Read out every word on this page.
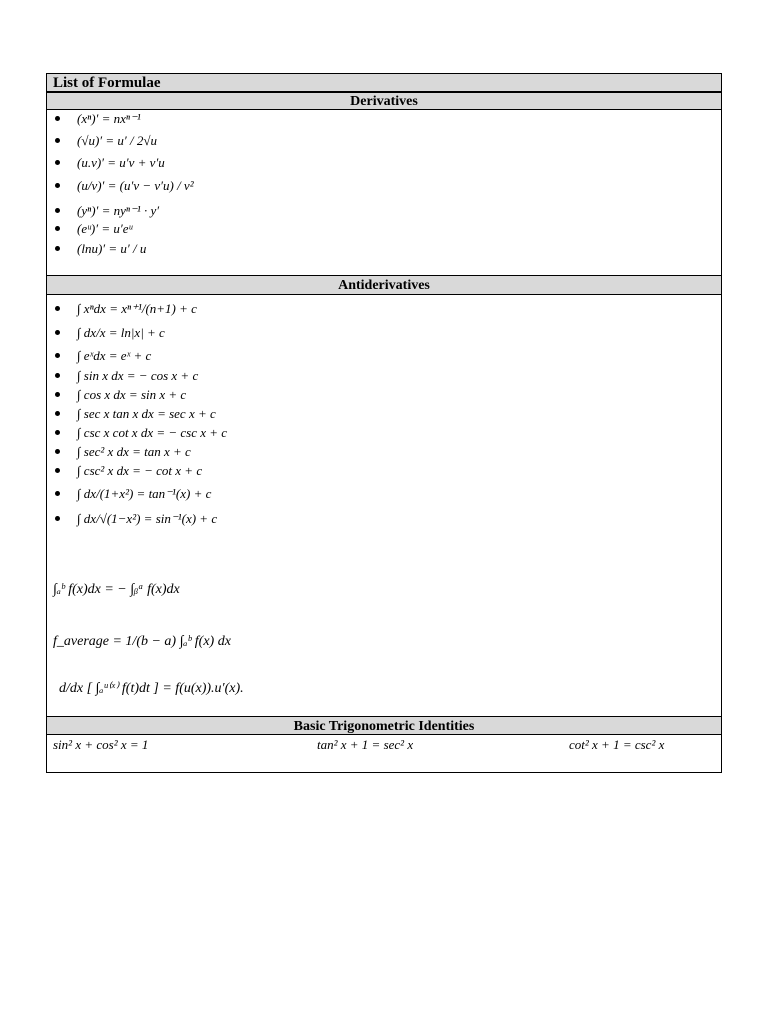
List of Formulae
Derivatives
(xⁿ)′ = nxⁿ⁻¹
(√u)′ = u′ / 2√u
(u.v)′ = u′v + v′u
(u/v)′ = (u′v − v′u) / v²
(yⁿ)′ = nyⁿ⁻¹ · y′
(eᵘ)′ = u′eᵘ
(lnu)′ = u′ / u
Antiderivatives
∫ xⁿdx = xⁿ⁺¹/(n+1) + c
∫ dx/x = ln|x| + c
∫ eˣdx = eˣ + c
∫ sin x dx = − cos x + c
∫ cos x dx = sin x + c
∫ sec x tan x dx = sec x + c
∫ csc x cot x dx = − csc x + c
∫ sec² x dx = tan x + c
∫ csc² x dx = − cot x + c
∫ dx/(1+x²) = tan⁻¹(x) + c
∫ dx/√(1−x²) = sin⁻¹(x) + c
∫ₐᵇ f(x)dx = − ∫ᵦᵃ f(x)dx
f_average = 1/(b − a) ∫ₐᵇ f(x) dx
d/dx [ ∫ₐᵘ⁽ˣ⁾ f(t)dt ] = f(u(x)).u′(x).
Basic Trigonometric Identities
sin² x + cos² x = 1	tan² x + 1 = sec² x	cot² x + 1 = csc² x
